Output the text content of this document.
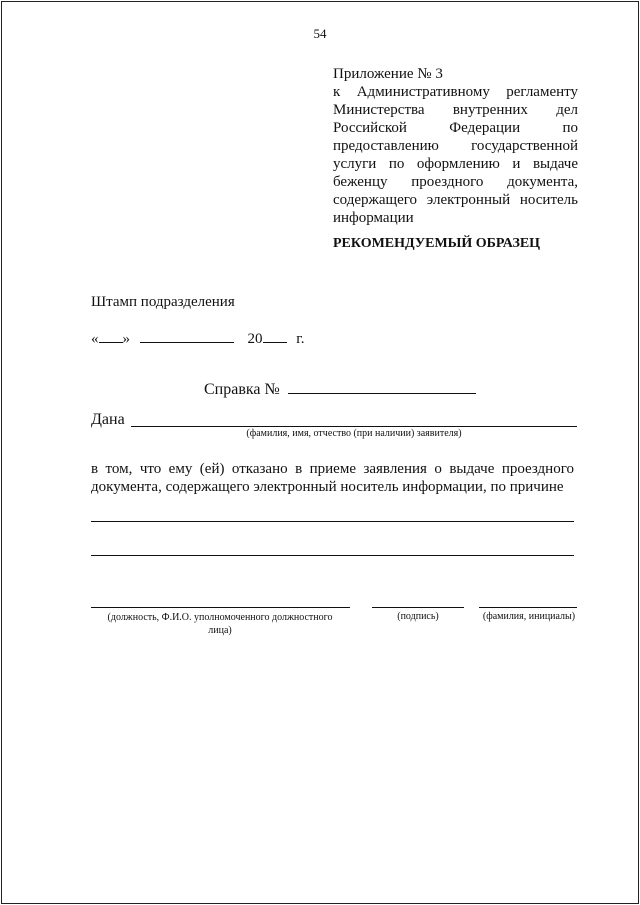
54
Приложение № 3
к Административному регламенту Министерства внутренних дел Российской Федерации по предоставлению государственной услуги по оформлению и выдаче беженцу проездного документа, содержащего электронный носитель информации
РЕКОМЕНДУЕМЫЙ ОБРАЗЕЦ
Штамп подразделения
« »	20 г.
Справка №
Дана
(фамилия, имя, отчество (при наличии) заявителя)
в том, что ему (ей) отказано в приеме заявления о выдаче проездного документа, содержащего электронный носитель информации, по причине
(должность, Ф.И.О. уполномоченного должностного лица)
(подпись)	(фамилия, инициалы)
